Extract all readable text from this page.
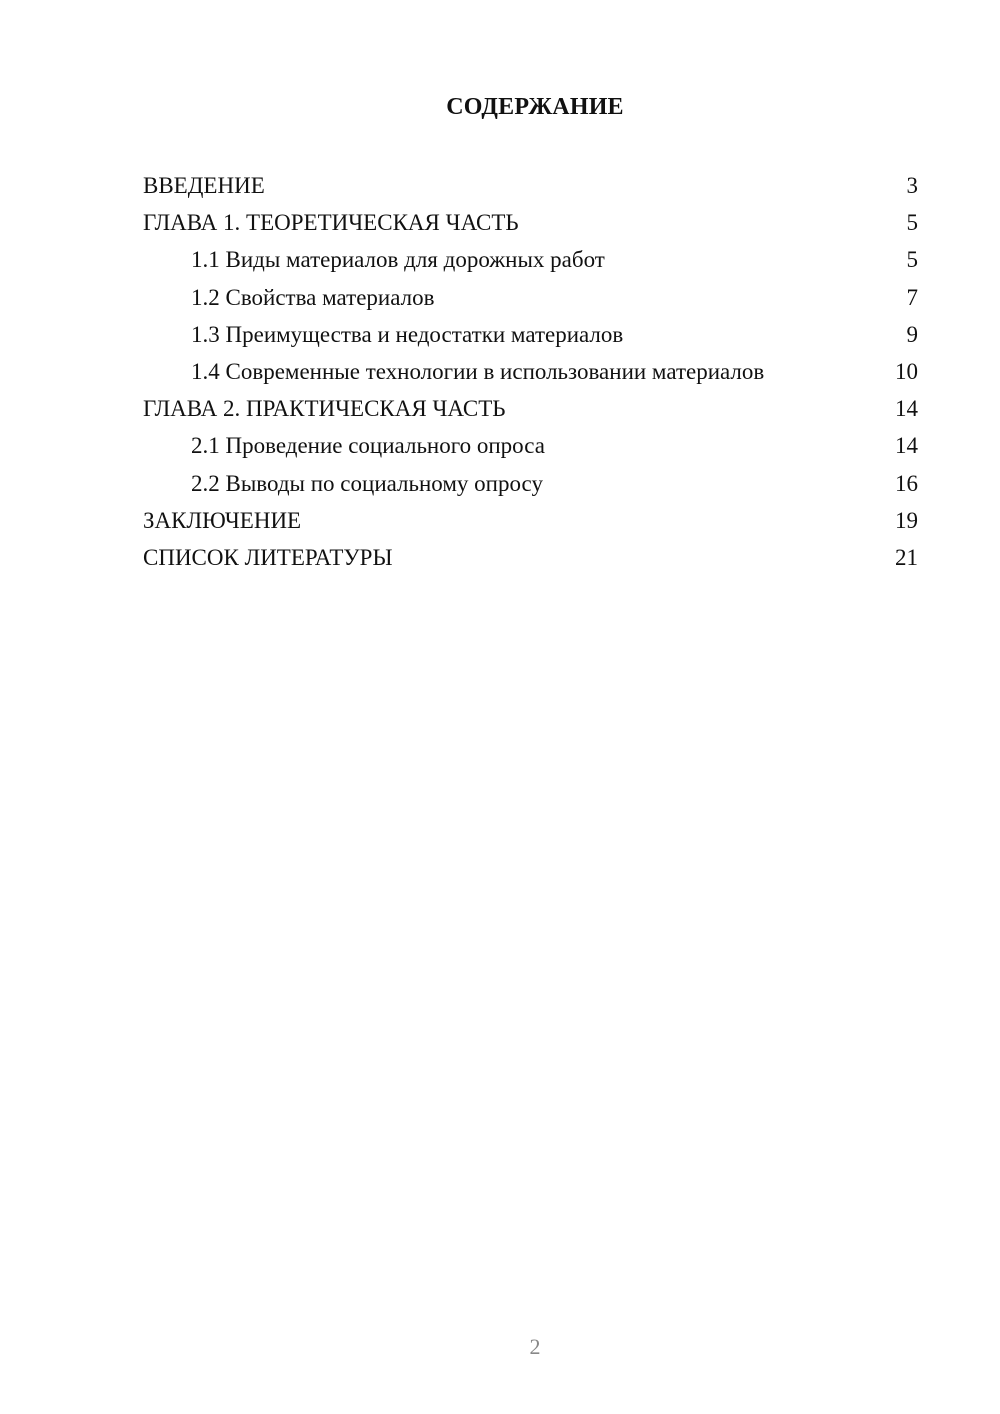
СОДЕРЖАНИЕ
ВВЕДЕНИЕ	3
ГЛАВА 1. ТЕОРЕТИЧЕСКАЯ ЧАСТЬ	5
1.1 Виды материалов для дорожных работ	5
1.2 Свойства материалов	7
1.3 Преимущества и недостатки материалов	9
1.4 Современные технологии в использовании материалов	10
ГЛАВА 2. ПРАКТИЧЕСКАЯ ЧАСТЬ	14
2.1 Проведение социального опроса	14
2.2 Выводы по социальному опросу	16
ЗАКЛЮЧЕНИЕ	19
СПИСОК ЛИТЕРАТУРЫ	21
2
